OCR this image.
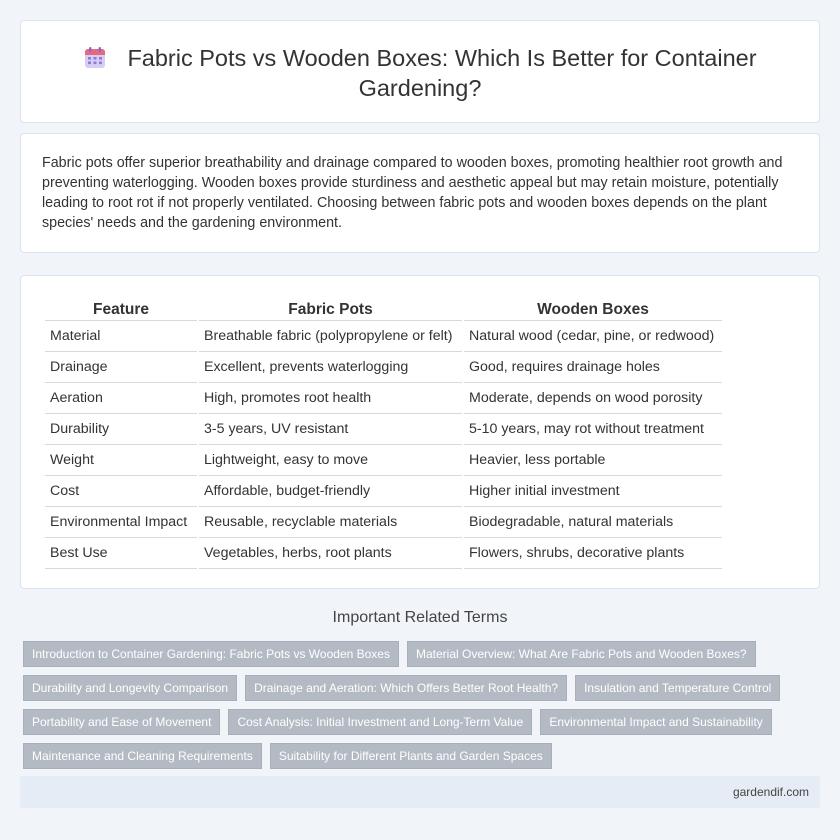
Fabric Pots vs Wooden Boxes: Which Is Better for Container Gardening?

Fabric pots offer superior breathability and drainage compared to wooden boxes, promoting healthier root growth and preventing waterlogging. Wooden boxes provide sturdiness and aesthetic appeal but may retain moisture, potentially leading to root rot if not properly ventilated. Choosing between fabric pots and wooden boxes depends on the plant species' needs and the gardening environment.

Feature	Fabric Pots	Wooden Boxes
Material	Breathable fabric (polypropylene or felt)	Natural wood (cedar, pine, or redwood)
Drainage	Excellent, prevents waterlogging	Good, requires drainage holes
Aeration	High, promotes root health	Moderate, depends on wood porosity
Durability	3-5 years, UV resistant	5-10 years, may rot without treatment
Weight	Lightweight, easy to move	Heavier, less portable
Cost	Affordable, budget-friendly	Higher initial investment
Environmental Impact	Reusable, recyclable materials	Biodegradable, natural materials
Best Use	Vegetables, herbs, root plants	Flowers, shrubs, decorative plants
Important Related Terms
Introduction to Container Gardening: Fabric Pots vs Wooden Boxes	Material Overview: What Are Fabric Pots and Wooden Boxes?
Durability and Longevity Comparison	Drainage and Aeration: Which Offers Better Root Health?	Insulation and Temperature Control
Portability and Ease of Movement	Cost Analysis: Initial Investment and Long-Term Value	Environmental Impact and Sustainability
Maintenance and Cleaning Requirements	Suitability for Different Plants and Garden Spaces
gardendif.com
